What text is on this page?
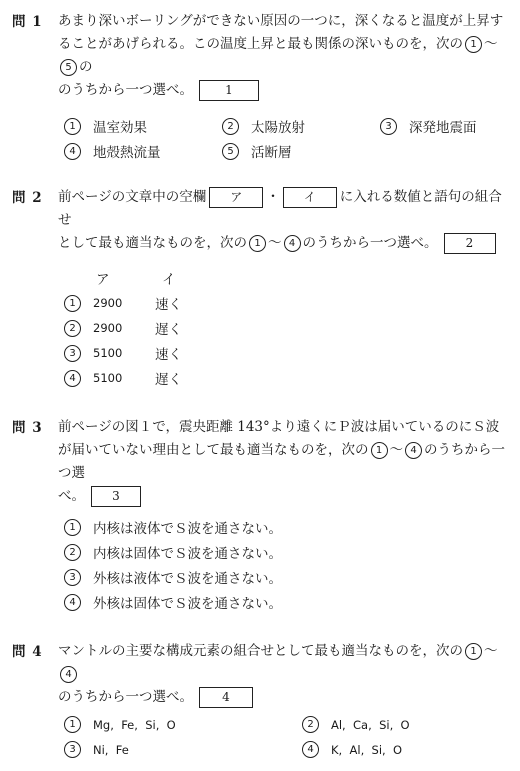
問 1	あまり深いボーリングができない原因の一つに，深くなると温度が上昇す
ることがあげられる。この温度上昇と最も関係の深いものを，次の 1 ～5 の
のうちから一つ選べ。	1
1	温室効果	2	太陽放射	3	深発地震面
4	地殻熱流量	5	活断層
問 2	前ページの文章中の空欄 ア ・ イ に入れる数値と語句の組合せ
として最も適当なものを，次の 1 ～ 4 のうちから一つ選べ。 2
ア	イ
1	2900	速く
2	2900	遅く
3	5100	速く
4	5100	遅く
問 3	前ページの図１で，震央距離 143°より遠くにＰ波は届いているのにＳ波
が届いていない理由として最も適当なものを，次の 1 ～ 4 のうちから一つ選
べ。 3
1	内核は液体でＳ波を通さない。
2	内核は固体でＳ波を通さない。
3	外核は液体でＳ波を通さない。
4	外核は固体でＳ波を通さない。
問 4	マントルの主要な構成元素の組合せとして最も適当なものを，次の 1 ～4
のうちから一つ選べ。 4
1	Mg,  Fe,  Si,  O	2	Al,  Ca,  Si,  O
3	Ni,  Fe	4	K,  Al,  Si,  O
